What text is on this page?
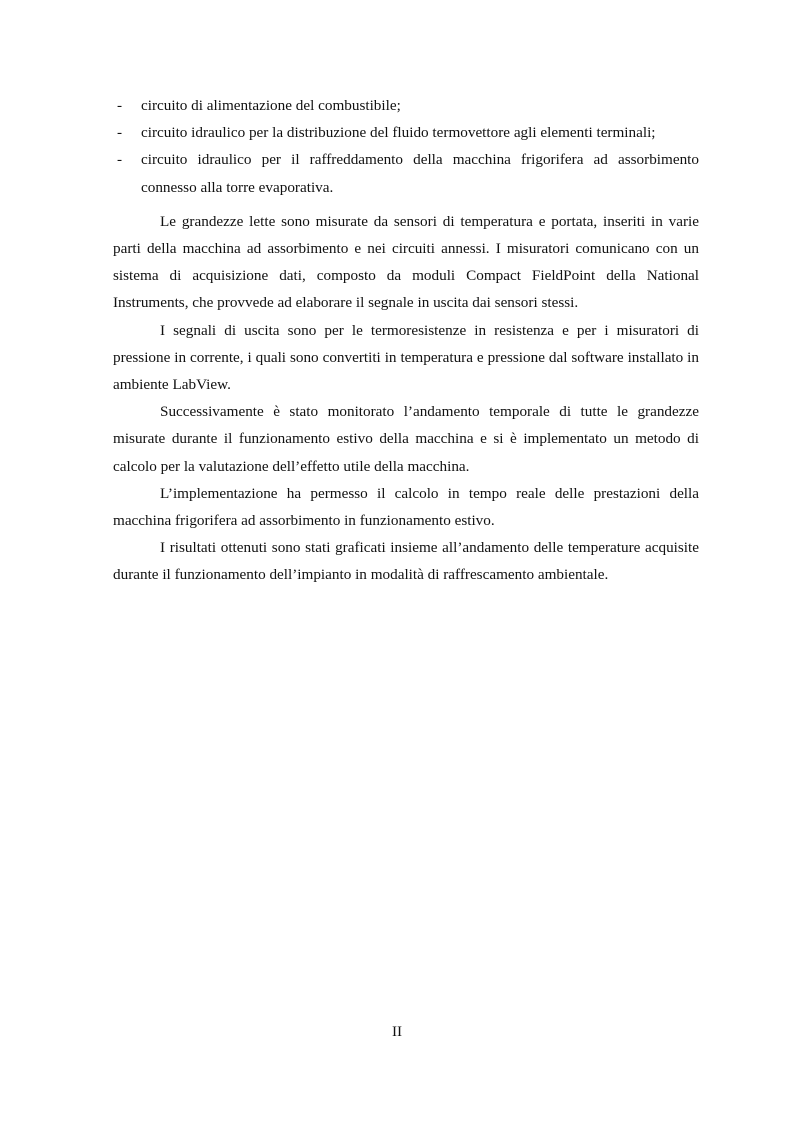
- circuito di alimentazione del combustibile;
- circuito idraulico per la distribuzione del fluido termovettore agli elementi terminali;
- circuito idraulico per il raffreddamento della macchina frigorifera ad assorbimento connesso alla torre evaporativa.

Le grandezze lette sono misurate da sensori di temperatura e portata, inseriti in varie parti della macchina ad assorbimento e nei circuiti annessi. I misuratori comunicano con un sistema di acquisizione dati, composto da moduli Compact FieldPoint della National Instruments, che provvede ad elaborare il segnale in uscita dai sensori stessi.

I segnali di uscita sono per le termoresistenze in resistenza e per i misuratori di pressione in corrente, i quali sono convertiti in temperatura e pressione dal software installato in ambiente LabView.

Successivamente è stato monitorato l’andamento temporale di tutte le grandezze misurate durante il funzionamento estivo della macchina e si è implementato un metodo di calcolo per la valutazione dell’effetto utile della macchina.

L’implementazione ha permesso il calcolo in tempo reale delle prestazioni della macchina frigorifera ad assorbimento in funzionamento estivo.

I risultati ottenuti sono stati graficati insieme all’andamento delle temperature acquisite durante il funzionamento dell’impianto in modalità di raffrescamento ambientale.

II
